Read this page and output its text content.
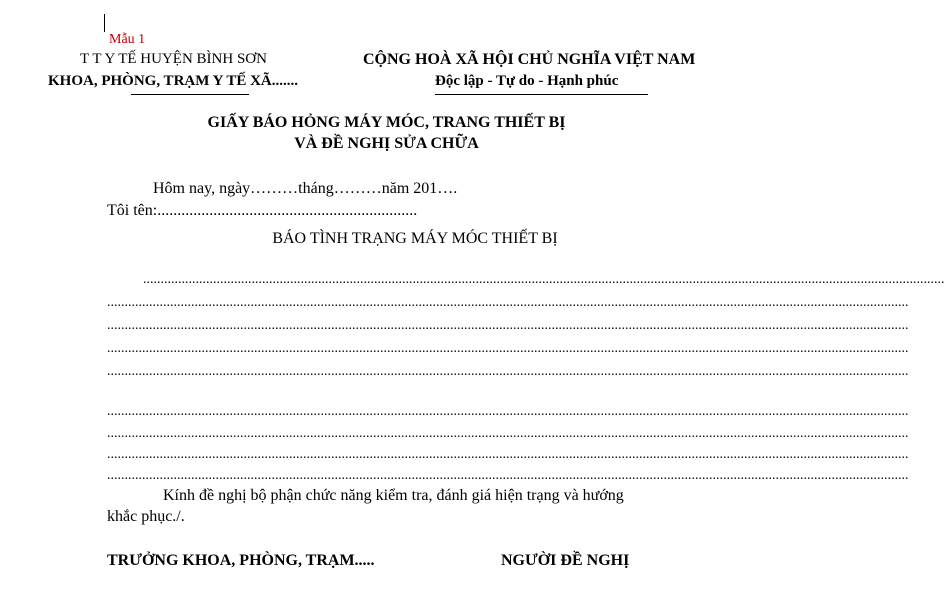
Mẫu 1
T T Y TẾ HUYỆN BÌNH SƠN
KHOA, PHÒNG, TRẠM Y TẾ XÃ.......
CỘNG HOÀ XÃ HỘI CHỦ NGHĨA VIỆT NAM
Độc lập - Tự do - Hạnh phúc
GIẤY BÁO HỎNG MÁY MÓC, TRANG THIẾT BỊ
VÀ ĐỀ NGHỊ SỬA CHỮA
Hôm nay, ngày………tháng………năm 201….
Tôi tên:.................................................................
BÁO TÌNH TRẠNG MÁY MÓC THIẾT BỊ
.....................................................................................................................................................................................................................................
.....................................................................................................................................................................................................................................
.....................................................................................................................................................................................................................................
.....................................................................................................................................................................................................................................
.....................................................................................................................................................................................................................................
.....................................................................................................................................................................................................................................
.....................................................................................................................................................................................................................................
.....................................................................................................................................................................................................................................
.....................................................................................................................................................................................................................................
Kính đề nghị bộ phận chức năng kiểm tra, đánh giá hiện trạng và hướng
khắc phục./.
TRƯỞNG KHOA, PHÒNG, TRẠM.....	NGƯỜI ĐỀ NGHỊ
